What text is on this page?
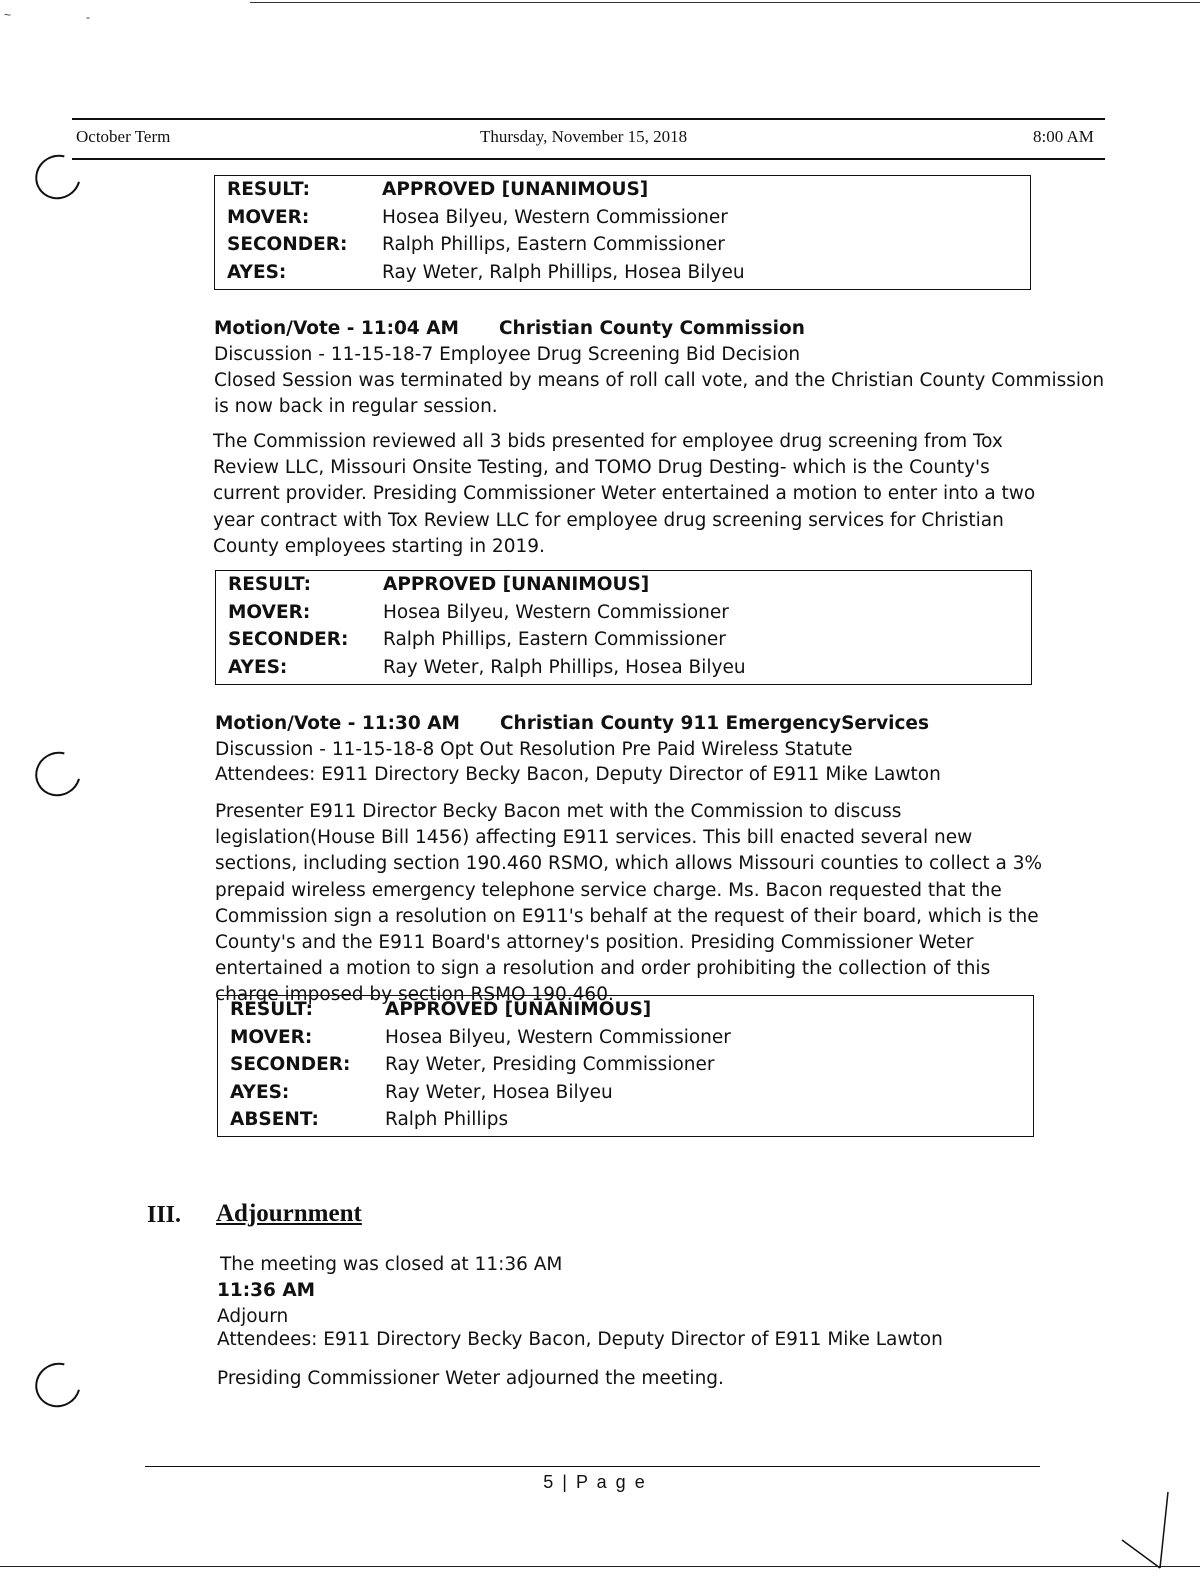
~	-
October Term	Thursday, November 15, 2018	8:00 AM
RESULT:	APPROVED [UNANIMOUS]
MOVER:	Hosea Bilyeu, Western Commissioner
SECONDER:	Ralph Phillips, Eastern Commissioner
AYES:	Ray Weter, Ralph Phillips, Hosea Bilyeu
Motion/Vote - 11:04 AM Christian County Commission
Discussion - 11-15-18-7 Employee Drug Screening Bid Decision
Closed Session was terminated by means of roll call vote, and the Christian County Commission
is now back in regular session.
The Commission reviewed all 3 bids presented for employee drug screening from Tox Review LLC, Missouri Onsite Testing, and TOMO Drug Desting- which is the County's current provider. Presiding Commissioner Weter entertained a motion to enter into a two year contract with Tox Review LLC for employee drug screening services for Christian County employees starting in 2019.
RESULT:	APPROVED [UNANIMOUS]
MOVER:	Hosea Bilyeu, Western Commissioner
SECONDER:	Ralph Phillips, Eastern Commissioner
AYES:	Ray Weter, Ralph Phillips, Hosea Bilyeu
Motion/Vote - 11:30 AM Christian County 911 EmergencyServices
Discussion - 11-15-18-8 Opt Out Resolution Pre Paid Wireless Statute
Attendees: E911 Directory Becky Bacon, Deputy Director of E911 Mike Lawton
Presenter E911 Director Becky Bacon met with the Commission to discuss legislation(House Bill 1456) affecting E911 services. This bill enacted several new sections, including section 190.460 RSMO, which allows Missouri counties to collect a 3% prepaid wireless emergency telephone service charge. Ms. Bacon requested that the Commission sign a resolution on E911's behalf at the request of their board, which is the County's and the E911 Board's attorney's position. Presiding Commissioner Weter entertained a motion to sign a resolution and order prohibiting the collection of this charge imposed by section RSMO 190.460.
RESULT:	APPROVED [UNANIMOUS]
MOVER:	Hosea Bilyeu, Western Commissioner
SECONDER:	Ray Weter, Presiding Commissioner
AYES:	Ray Weter, Hosea Bilyeu
ABSENT:	Ralph Phillips
III. Adjournment
The meeting was closed at 11:36 AM
11:36 AM
Adjourn
Attendees: E911 Directory Becky Bacon, Deputy Director of E911 Mike Lawton
Presiding Commissioner Weter adjourned the meeting.
5 | P a g e
